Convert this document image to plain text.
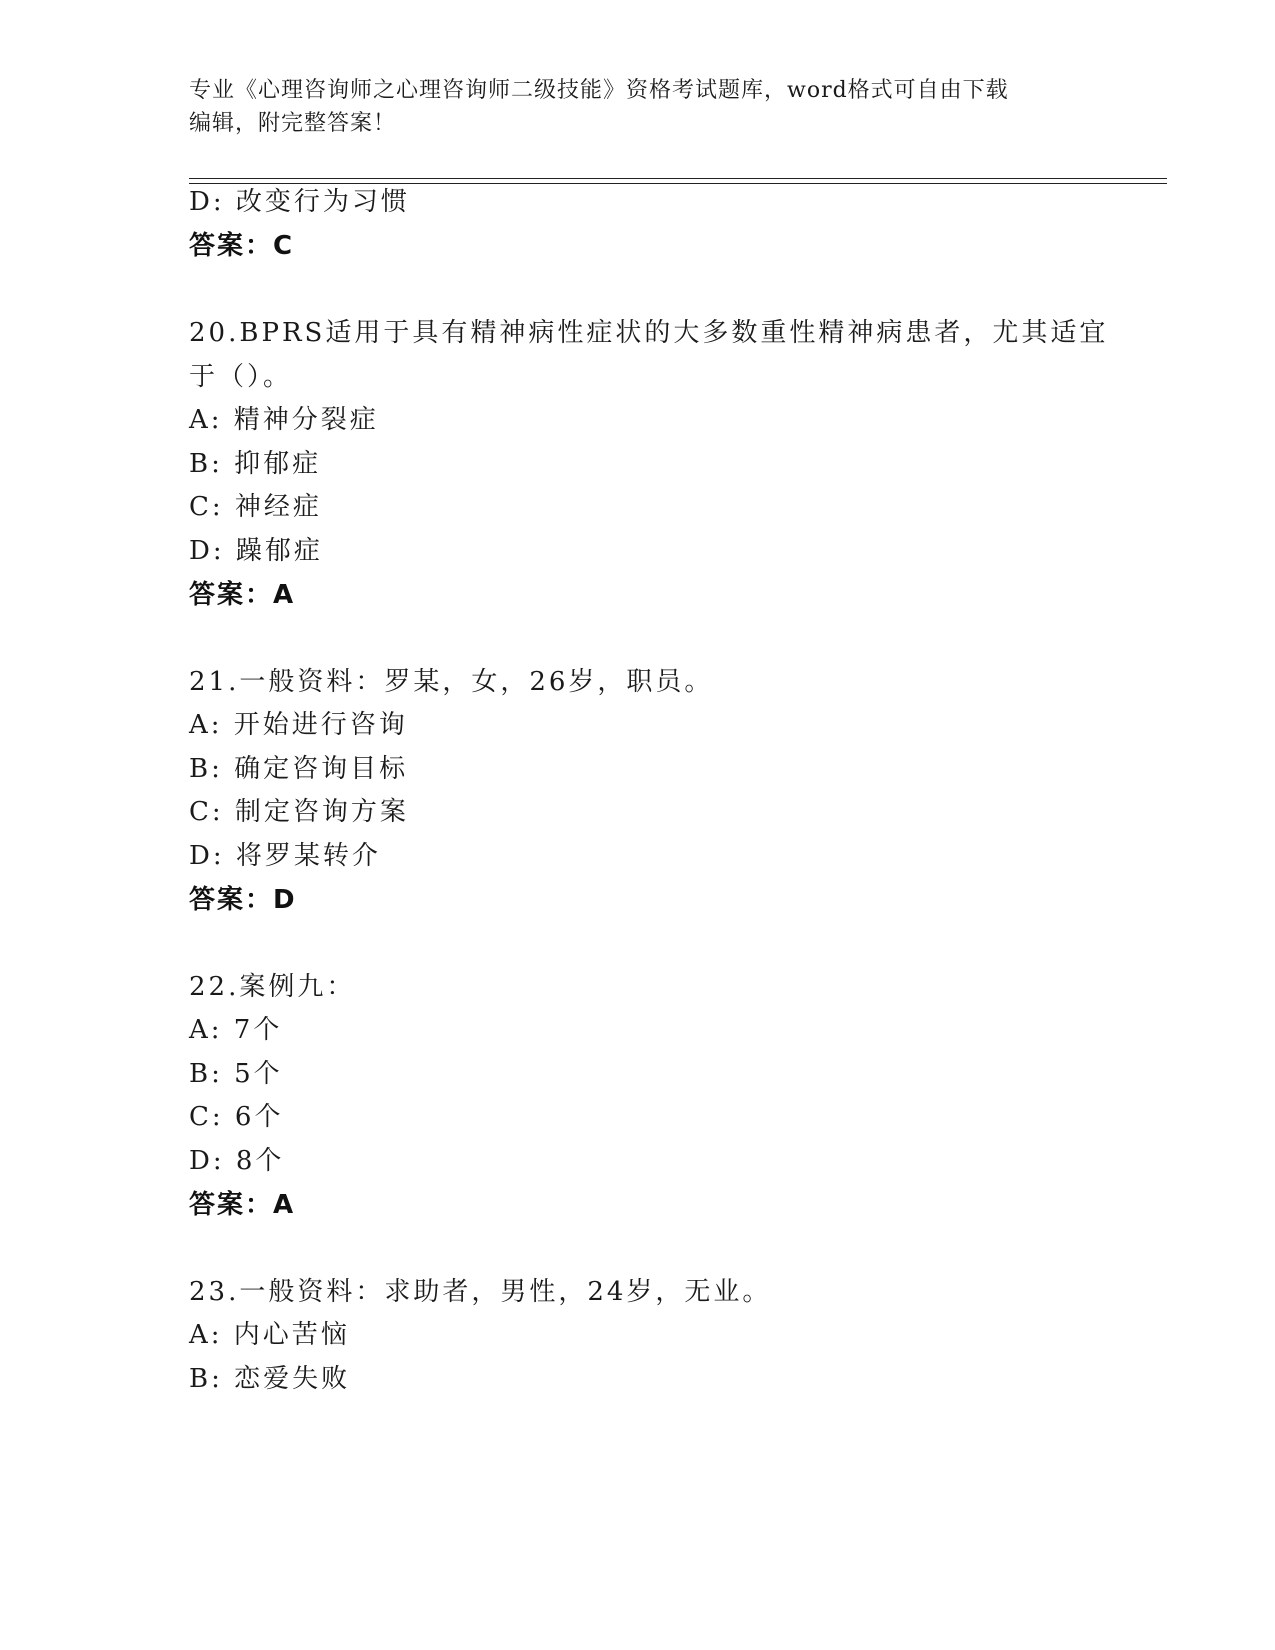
专业《心理咨询师之心理咨询师二级技能》资格考试题库，word格式可自由下载
编辑，附完整答案！
D: 改变行为习惯
答案：C
20.BPRS适用于具有精神病性症状的大多数重性精神病患者，尤其适宜
于（）。
A: 精神分裂症
B: 抑郁症
C: 神经症
D: 躁郁症
答案：A
21.一般资料：罗某，女，26岁，职员。
A: 开始进行咨询
B: 确定咨询目标
C: 制定咨询方案
D: 将罗某转介
答案：D
22.案例九：
A: 7个
B: 5个
C: 6个
D: 8个
答案：A
23.一般资料：求助者，男性，24岁，无业。
A: 内心苦恼
B: 恋爱失败
